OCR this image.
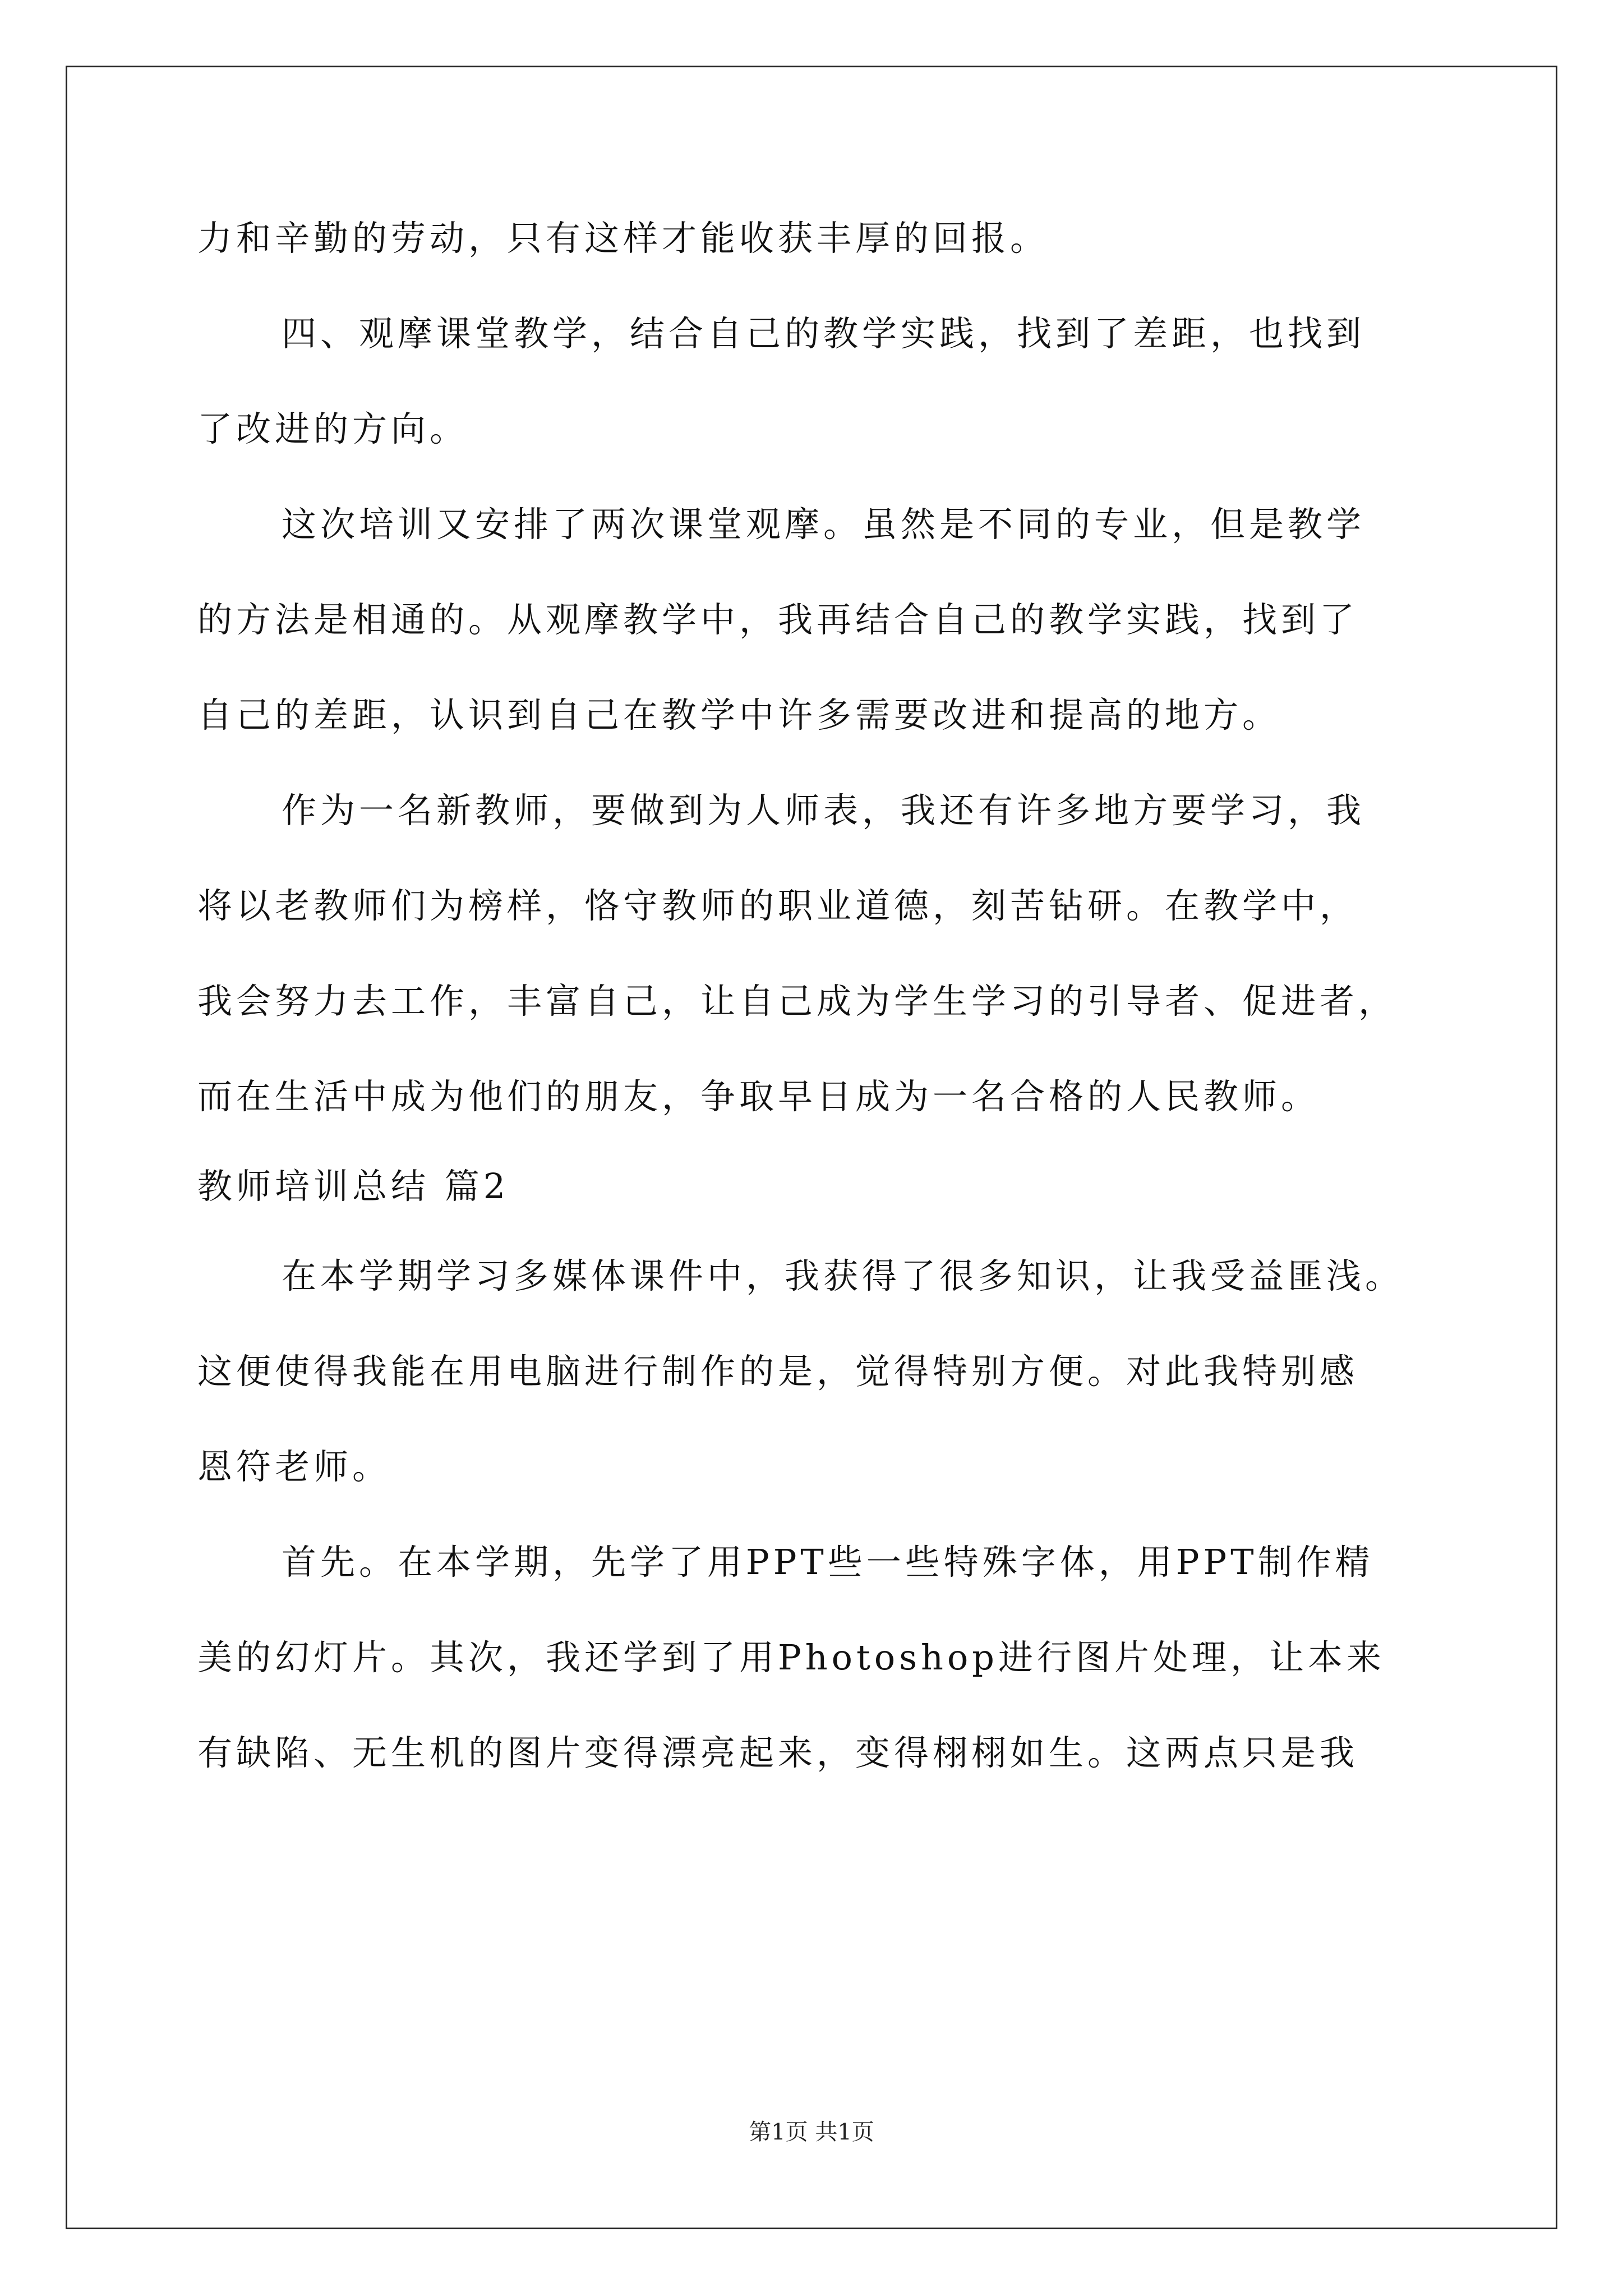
力和辛勤的劳动，只有这样才能收获丰厚的回报。
四、观摩课堂教学，结合自己的教学实践，找到了差距，也找到
了改进的方向。
这次培训又安排了两次课堂观摩。虽然是不同的专业，但是教学
的方法是相通的。从观摩教学中，我再结合自己的教学实践，找到了
自己的差距，认识到自己在教学中许多需要改进和提高的地方。
作为一名新教师，要做到为人师表，我还有许多地方要学习，我
将以老教师们为榜样，恪守教师的职业道德，刻苦钻研。在教学中，
我会努力去工作，丰富自己，让自己成为学生学习的引导者、促进者，
而在生活中成为他们的朋友，争取早日成为一名合格的人民教师。
教师培训总结 篇2
在本学期学习多媒体课件中，我获得了很多知识，让我受益匪浅。
这便使得我能在用电脑进行制作的是，觉得特别方便。对此我特别感
恩符老师。
首先。在本学期，先学了用PPT些一些特殊字体，用PPT制作精
美的幻灯片。其次，我还学到了用Photoshop进行图片处理，让本来
有缺陷、无生机的图片变得漂亮起来，变得栩栩如生。这两点只是我
第1页 共1页
